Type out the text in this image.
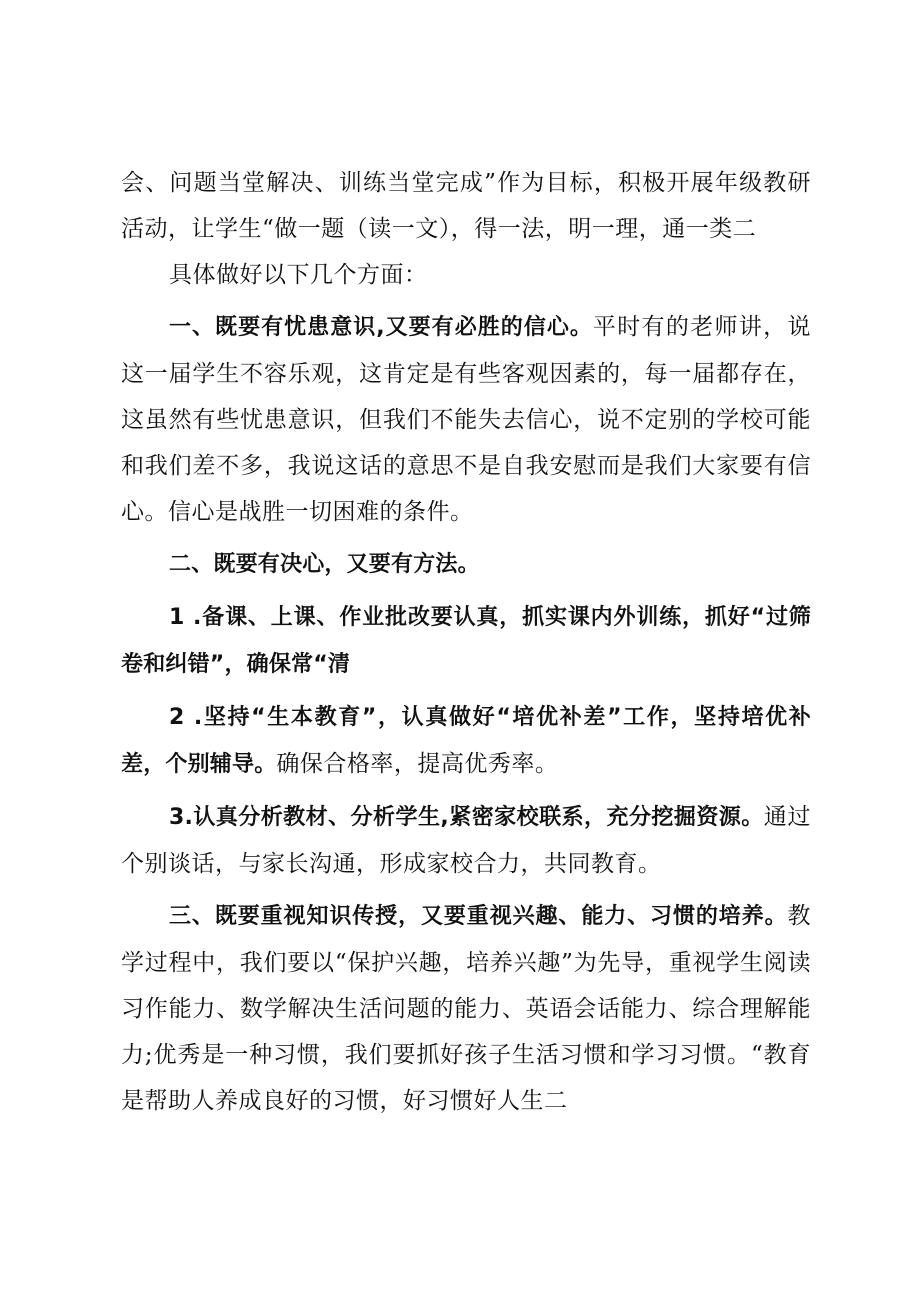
会、问题当堂解决、训练当堂完成”作为目标，积极开展年级教研活动，让学生“做一题（读一文），得一法，明一理，通一类二

具体做好以下几个方面：

一、既要有忧患意识,又要有必胜的信心。平时有的老师讲，说这一届学生不容乐观，这肯定是有些客观因素的，每一届都存在，这虽然有些忧患意识，但我们不能失去信心，说不定别的学校可能和我们差不多，我说这话的意思不是自我安慰而是我们大家要有信心。信心是战胜一切困难的条件。

二、既要有决心，又要有方法。

1 .备课、上课、作业批改要认真，抓实课内外训练，抓好“过筛卷和纠错”，确保常“清

2 .坚持“生本教育”，认真做好“培优补差”工作，坚持培优补差，个别辅导。确保合格率，提高优秀率。

3.认真分析教材、分析学生,紧密家校联系，充分挖掘资源。通过个别谈话，与家长沟通，形成家校合力，共同教育。

三、既要重视知识传授，又要重视兴趣、能力、习惯的培养。教学过程中，我们要以“保护兴趣，培养兴趣”为先导，重视学生阅读习作能力、数学解决生活问题的能力、英语会话能力、综合理解能力;优秀是一种习惯，我们要抓好孩子生活习惯和学习习惯。“教育是帮助人养成良好的习惯，好习惯好人生二
